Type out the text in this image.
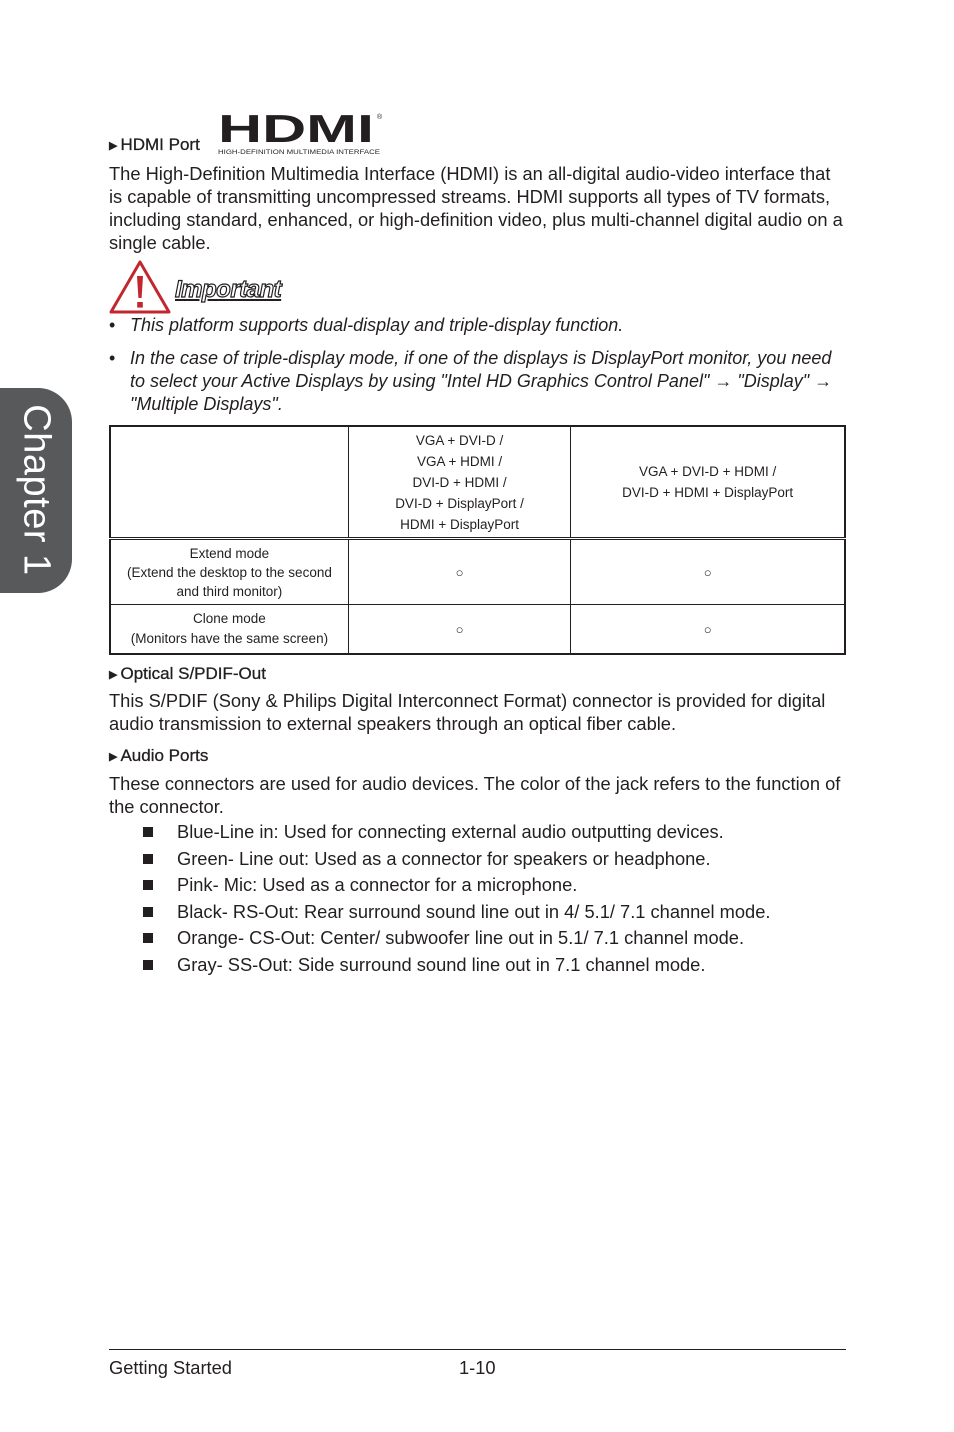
Chapter 1
▶ HDMI Port HDMI ®
HIGH-DEFINITION MULTIMEDIA INTERFACE

The High-Definition Multimedia Interface (HDMI) is an all-digital audio-video interface that is capable of transmitting uncompressed streams. HDMI supports all types of TV formats, including standard, enhanced, or high-definition video, plus multi-channel digital audio on a single cable.

Important
• This platform supports dual-display and triple-display function.
• In the case of triple-display mode, if one of the displays is DisplayPort monitor, you need to select your Active Displays by using "Intel HD Graphics Control Panel" → "Display" → "Multiple Displays".

	VGA + DVI-D /
VGA + HDMI /
DVI-D + HDMI /
DVI-D + DisplayPort /
HDMI + DisplayPort	VGA + DVI-D + HDMI /
DVI-D + HDMI + DisplayPort

Extend mode
(Extend the desktop to the second and third monitor)	○	○

Clone mode
(Monitors have the same screen)	○	○
▶ Optical S/PDIF-Out

This S/PDIF (Sony & Philips Digital Interconnect Format) connector is provided for digital audio transmission to external speakers through an optical fiber cable.

▶ Audio Ports

These connectors are used for audio devices. The color of the jack refers to the function of the connector.

Blue-Line in: Used for connecting external audio outputting devices.
Green- Line out: Used as a connector for speakers or headphone.
Pink- Mic: Used as a connector for a microphone.
Black- RS-Out: Rear surround sound line out in 4/ 5.1/ 7.1 channel mode.
Orange- CS-Out: Center/ subwoofer line out in 5.1/ 7.1 channel mode.
Gray- SS-Out: Side surround sound line out in 7.1 channel mode.
Getting Started	1-10
